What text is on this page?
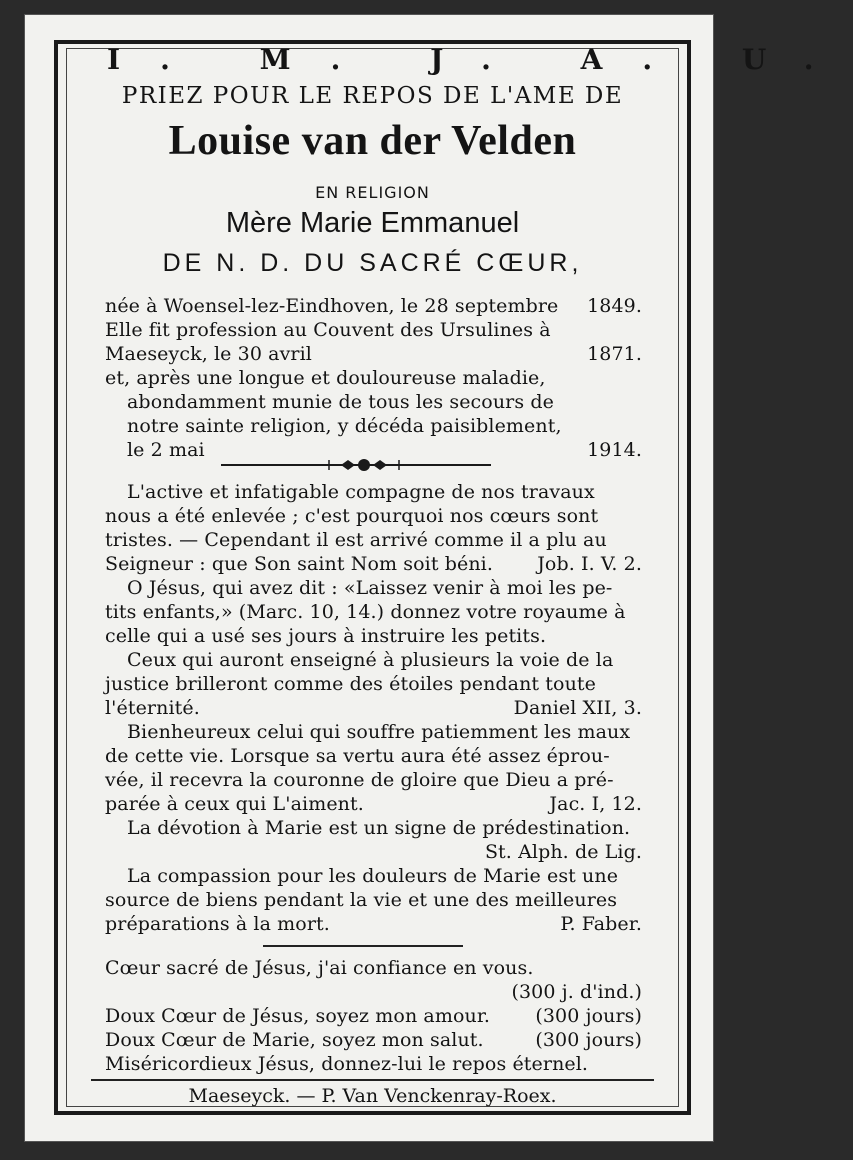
I. M. J. A. U.
PRIEZ POUR LE REPOS DE L'AME DE
Louise van der Velden
EN RELIGION
Mère Marie Emmanuel
DE N. D. DU SACRÉ CŒUR,
née à Woensel-lez-Eindhoven, le 28 septembre 1849.
Elle fit profession au Couvent des Ursulines à
Maeseyck, le 30 avril	1871.
et, après une longue et douloureuse maladie,
abondamment munie de tous les secours de
notre sainte religion, y décéda paisiblement,
le 2 mai	1914.
L'active et infatigable compagne de nos travaux
nous a été enlevée ; c'est pourquoi nos cœurs sont
tristes. — Cependant il est arrivé comme il a plu au
Seigneur : que Son saint Nom soit béni. Job. I. V. 2.
O Jésus, qui avez dit : «Laissez venir à moi les pe-
tits enfants,» (Marc. 10, 14.) donnez votre royaume à
celle qui a usé ses jours à instruire les petits.
Ceux qui auront enseigné à plusieurs la voie de la
justice brilleront comme des étoiles pendant toute
l'éternité.	Daniel XII, 3.
Bienheureux celui qui souffre patiemment les maux
de cette vie. Lorsque sa vertu aura été assez éprou-
vée, il recevra la couronne de gloire que Dieu a pré-
parée à ceux qui L'aiment.	Jac. I, 12.
La dévotion à Marie est un signe de prédestination.
St. Alph. de Lig.
La compassion pour les douleurs de Marie est une
source de biens pendant la vie et une des meilleures
préparations à la mort.	P. Faber.
Cœur sacré de Jésus, j'ai confiance en vous.
(300 j. d'ind.)
Doux Cœur de Jésus, soyez mon amour. (300 jours)
Doux Cœur de Marie, soyez mon salut.	(300 jours)
Miséricordieux Jésus, donnez-lui le repos éternel.
Maeseyck. — P. Van Venckenray-Roex.
